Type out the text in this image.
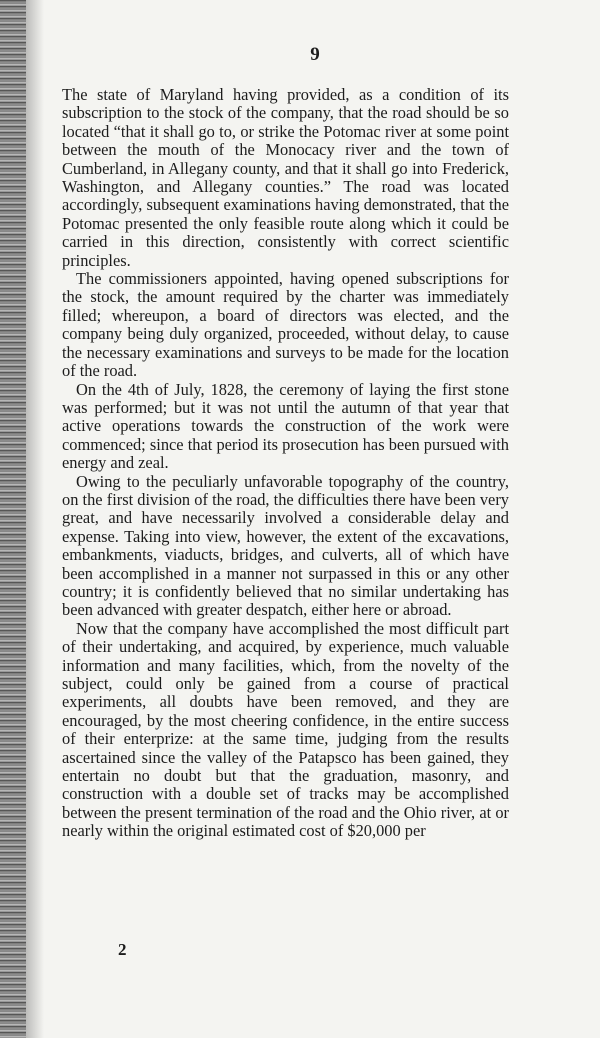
9

The state of Maryland having provided, as a condition of its subscription to the stock of the company, that the road should be so located “that it shall go to, or strike the Potomac river at some point between the mouth of the Monocacy river and the town of Cumberland, in Allegany county, and that it shall go into Frederick, Washington, and Allegany counties.” The road was located accordingly, subsequent examinations having demonstrated, that the Potomac presented the only feasible route along which it could be carried in this direction, consistently with correct scientific principles.

The commissioners appointed, having opened subscriptions for the stock, the amount required by the charter was immediately filled; whereupon, a board of directors was elected, and the company being duly organized, proceeded, without delay, to cause the necessary examinations and surveys to be made for the location of the road.

On the 4th of July, 1828, the ceremony of laying the first stone was performed; but it was not until the autumn of that year that active operations towards the construction of the work were commenced; since that period its prosecution has been pursued with energy and zeal.

Owing to the peculiarly unfavorable topography of the country, on the first division of the road, the difficulties there have been very great, and have necessarily involved a considerable delay and expense. Taking into view, however, the extent of the excavations, embankments, viaducts, bridges, and culverts, all of which have been accomplished in a manner not surpassed in this or any other country; it is confidently believed that no similar undertaking has been advanced with greater despatch, either here or abroad.

Now that the company have accomplished the most difficult part of their undertaking, and acquired, by experience, much valuable information and many facilities, which, from the novelty of the subject, could only be gained from a course of practical experiments, all doubts have been removed, and they are encouraged, by the most cheering confidence, in the entire success of their enterprize: at the same time, judging from the results ascertained since the valley of the Patapsco has been gained, they entertain no doubt but that the graduation, masonry, and construction with a double set of tracks may be accomplished between the present termination of the road and the Ohio river, at or nearly within the original estimated cost of $20,000 per

2
